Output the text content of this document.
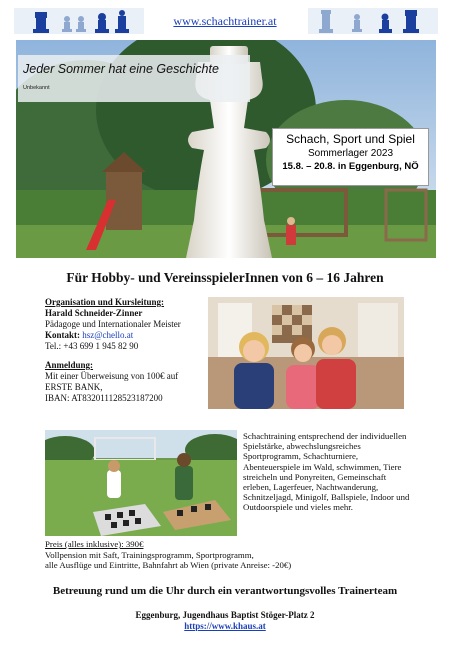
www.schachtrainer.at
Jeder Sommer hat eine Geschichte
Unbekannt
Schach, Sport und Spiel
Sommerlager 2023
15.8. – 20.8. in Eggenburg, NÖ
Für Hobby- und VereinsspielerInnen von 6 – 16 Jahren
Organisation und Kursleitung:
Harald Schneider-Zinner
Pädagoge und Internationaler Meister
Kontakt: hsz@chello.at
Tel.: +43 699 1 945 82 90
Anmeldung:
Mit einer Überweisung von 100€ auf
ERSTE BANK,
IBAN: AT832011128523187200
Schachtraining entsprechend der individuellen Spielstärke, abwechslungsreiches Sportprogramm, Schachturniere, Abenteuerspiele im Wald, schwimmen, Tiere streicheln und Ponyreiten, Gemeinschaft erleben, Lagerfeuer, Nachtwanderung, Schnitzeljagd, Minigolf, Ballspiele, Indoor und Outdoorspiele und vieles mehr.
Preis (alles inklusive): 390€
Vollpension mit Saft, Trainingsprogramm, Sportprogramm,
alle Ausflüge und Eintritte, Bahnfahrt ab Wien (private Anreise: -20€)
Betreuung rund um die Uhr durch ein verantwortungsvolles Trainerteam
Eggenburg, Jugendhaus Baptist Stöger-Platz 2
https://www.khaus.at
